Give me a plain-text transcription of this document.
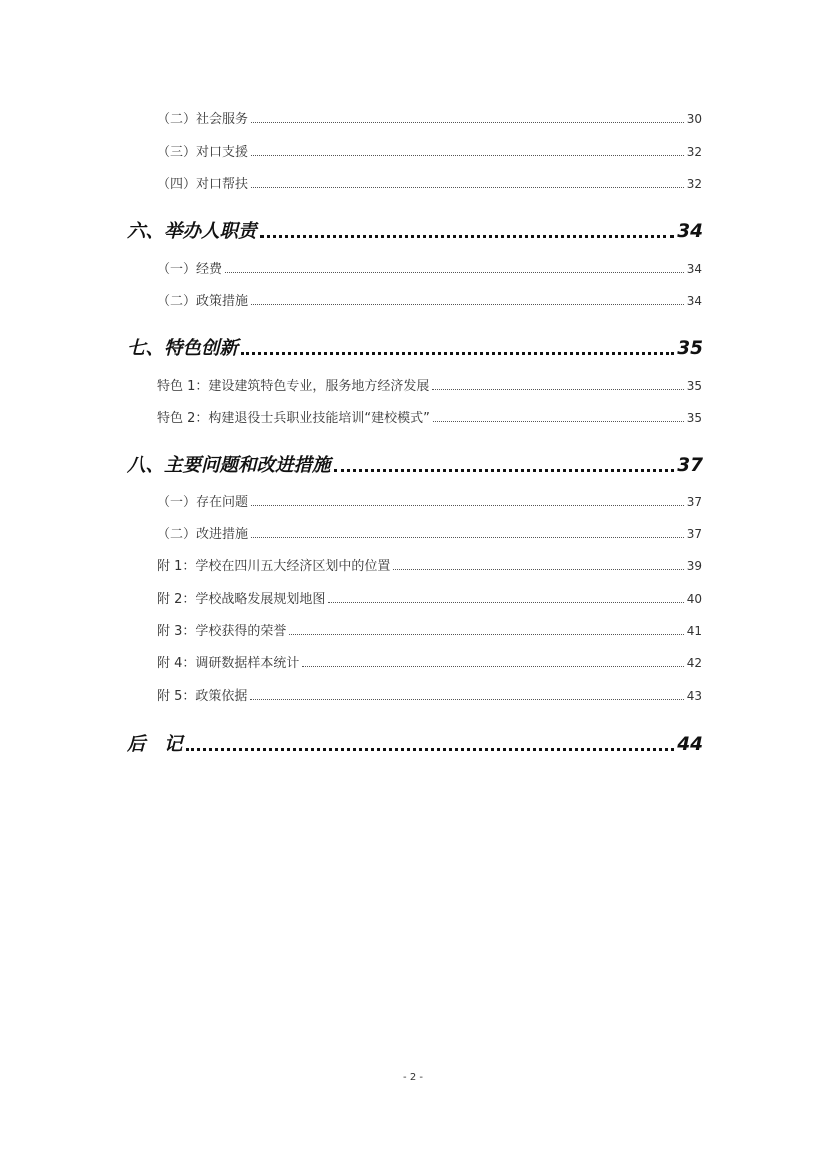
（二）社会服务	30
（三）对口支援	32
（四）对口帮扶	32
六、举办人职责	34
（一）经费	34
（二）政策措施	34
七、特色创新	35
特色 1：建设建筑特色专业，服务地方经济发展	35
特色 2：构建退役士兵职业技能培训“建校模式”	35
八、主要问题和改进措施	37
（一）存在问题	37
（二）改进措施	37
附 1：学校在四川五大经济区划中的位置	39
附 2：学校战略发展规划地图	40
附 3：学校获得的荣誉	41
附 4：调研数据样本统计	42
附 5：政策依据	43
后　记	44
- 2 -
